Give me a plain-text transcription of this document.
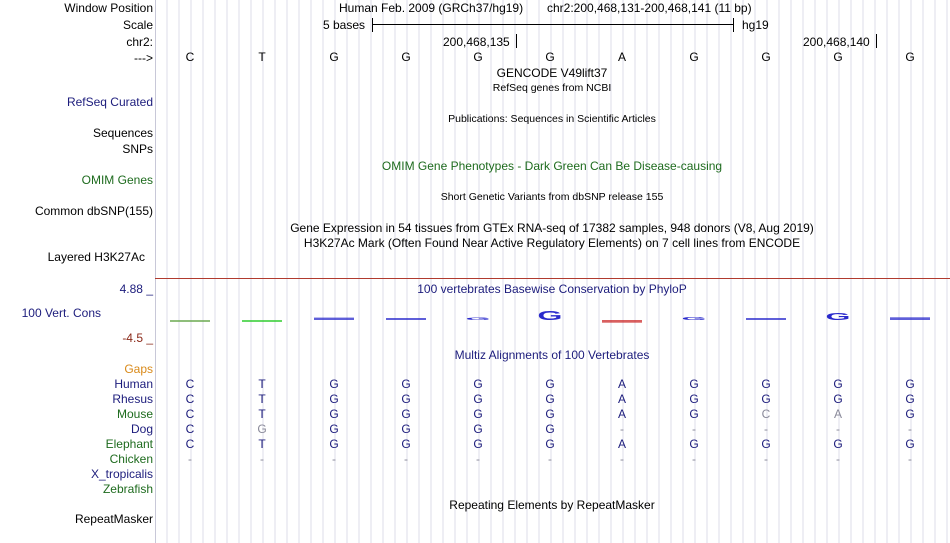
Window Position
Scale
chr2:
--->
Human Feb. 2009 (GRCh37/hg19) chr2:200,468,131-200,468,141 (11 bp)
5 bases	hg19
200,468,135	200,468,140
C	T	G	G	G	G	A	G	G	G	G
GENCODE V49lift37
RefSeq genes from NCBI
RefSeq Curated
Publications: Sequences in Scientific Articles
Sequences
SNPs
OMIM Gene Phenotypes - Dark Green Can Be Disease-causing
OMIM Genes
Short Genetic Variants from dbSNP release 155
Common dbSNP(155)
Gene Expression in 54 tissues from GTEx RNA-seq of 17382 samples, 948 donors (V8, Aug 2019)
H3K27Ac Mark (Often Found Near Active Regulatory Elements) on 7 cell lines from ENCODE
Layered H3K27Ac
4.88 _
100 Vert. Cons
-4.5 _
100 vertebrates Basewise Conservation by PhyloP
G	G	G	G
Multiz Alignments of 100 Vertebrates
Gaps
Human	C	T	G	G	G	G	A	G	G	G	G
Rhesus	C	T	G	G	G	G	A	G	G	G	G
Mouse	C	T	G	G	G	G	A	G	C	A	G
Dog	C	G	G	G	G	G	-	-	-	-	-
Elephant	C	T	G	G	G	G	A	G	G	G	G
Chicken	-	-	-	-	-	-	-	-	-	-	-
X_tropicalis
Zebrafish
Repeating Elements by RepeatMasker
RepeatMasker
